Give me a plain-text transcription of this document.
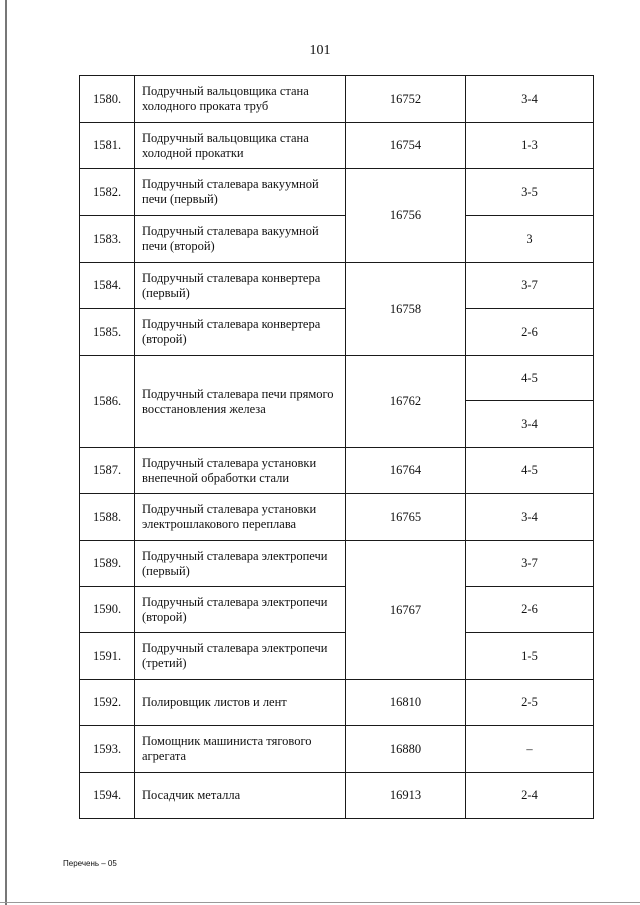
101
1580.	Подручный вальцовщика стана холодного проката труб	16752	3-4
1581.	Подручный вальцовщика стана холодной прокатки	16754	1-3
1582.	Подручный сталевара вакуумной печи (первый)	16756	3-5
1583.	Подручный сталевара вакуумной печи (второй)		3
1584.	Подручный сталевара конвертера (первый)	16758	3-7
1585.	Подручный сталевара конвертера (второй)		2-6
1586.	Подручный сталевара печи прямого восстановления железа	16762	4-5
			3-4
1587.	Подручный сталевара установки внепечной обработки стали	16764	4-5
1588.	Подручный сталевара установки электрошлакового переплава	16765	3-4
1589.	Подручный сталевара электропечи (первый)	16767	3-7
1590.	Подручный сталевара электропечи (второй)		2-6
1591.	Подручный сталевара электропечи (третий)		1-5
1592.	Полировщик листов и лент	16810	2-5
1593.	Помощник машиниста тягового агрегата	16880	–
1594.	Посадчик металла	16913	2-4
Перечень – 05
